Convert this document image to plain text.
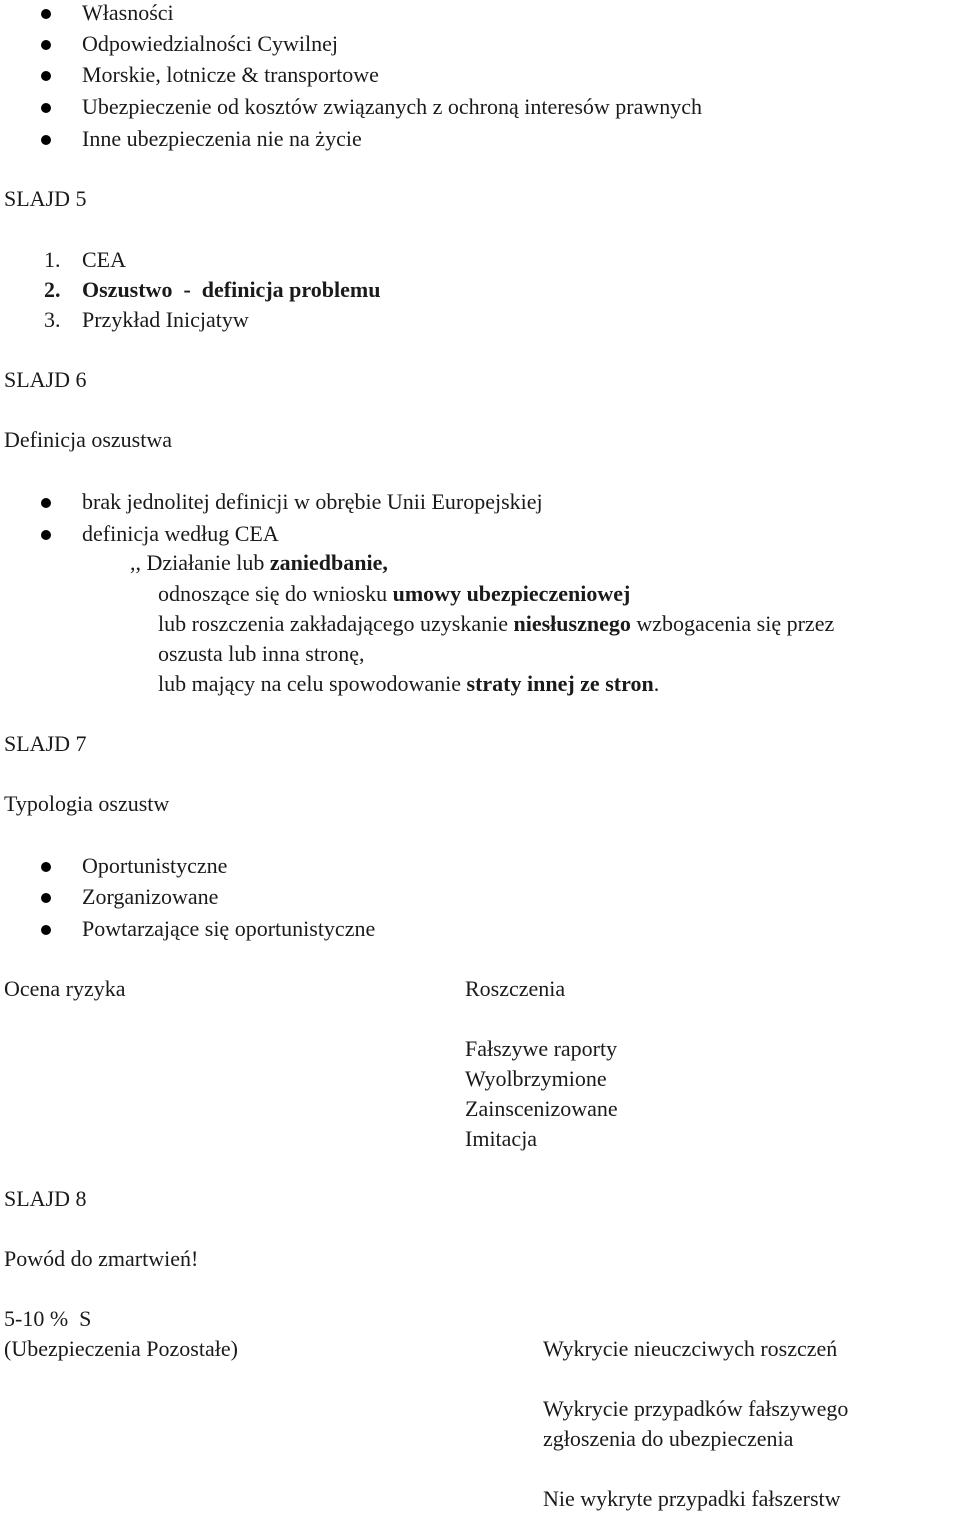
Własności
Odpowiedzialności Cywilnej
Morskie, lotnicze & transportowe
Ubezpieczenie od kosztów związanych z ochroną interesów prawnych
Inne ubezpieczenia nie na życie
SLAJD 5
1. CEA
2. Oszustwo  -  definicja problemu
3. Przykład Inicjatyw
SLAJD 6
Definicja oszustwa
brak jednolitej definicji w obrębie Unii Europejskiej
definicja według CEA
,, Działanie lub zaniedbanie,
odnoszące się do wniosku umowy ubezpieczeniowej
lub roszczenia zakładającego uzyskanie niesłusznego wzbogacenia się przez
oszusta lub inna stronę,
lub mający na celu spowodowanie straty innej ze stron.
SLAJD 7
Typologia oszustw
Oportunistyczne
Zorganizowane
Powtarzające się oportunistyczne
Ocena ryzyka	Roszczenia
Fałszywe raporty
Wyolbrzymione
Zainscenizowane
Imitacja
SLAJD 8
Powód do zmartwień!
5-10 %  S
(Ubezpieczenia Pozostałe)	Wykrycie nieuczciwych roszczeń
Wykrycie przypadków fałszywego
zgłoszenia do ubezpieczenia
Nie wykryte przypadki fałszerstw
